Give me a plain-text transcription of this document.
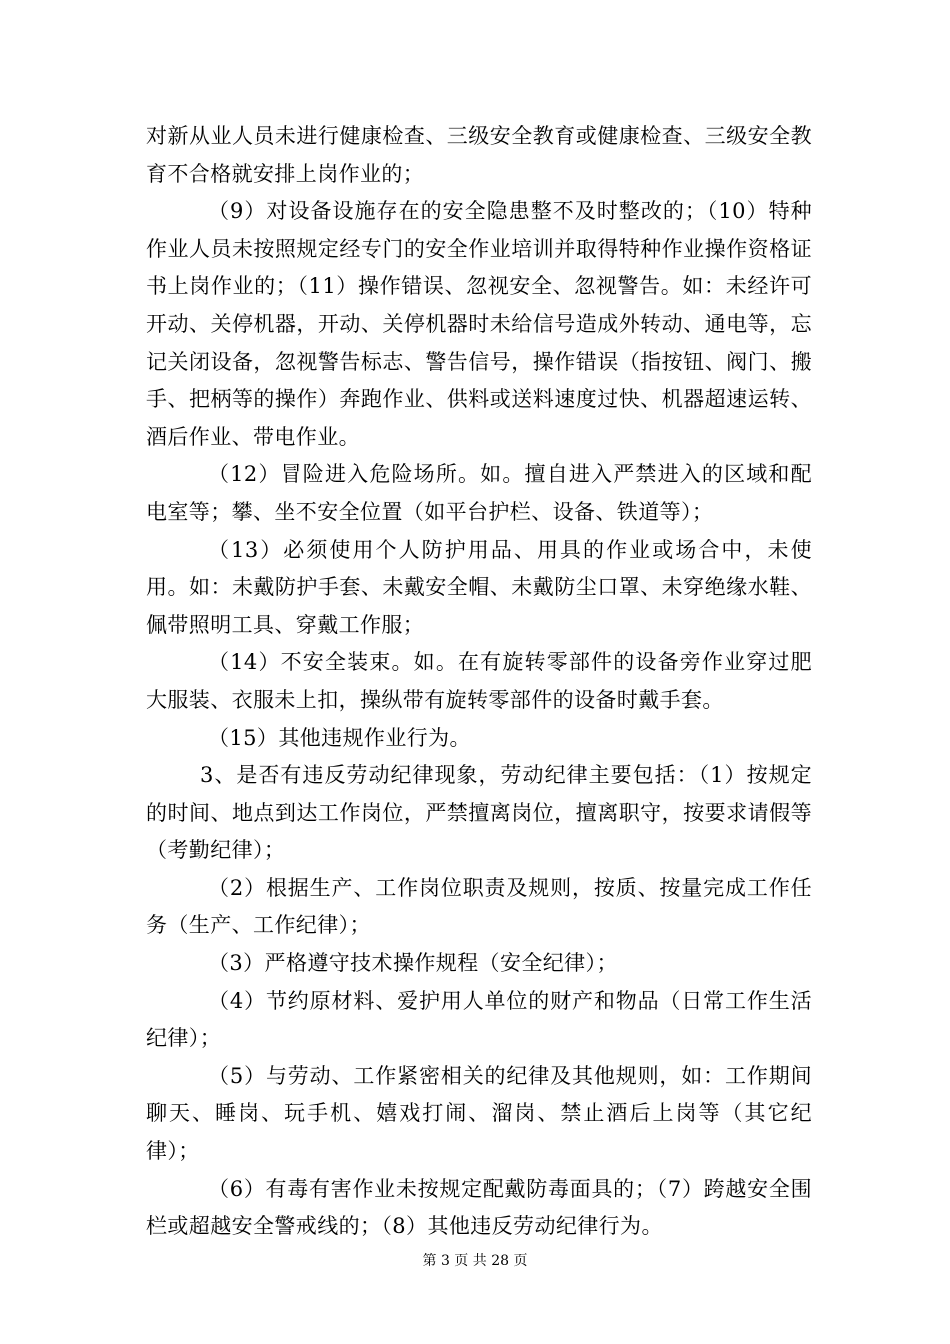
对新从业人员未进行健康检查、三级安全教育或健康检查、三级安全教育不合格就安排上岗作业的；

（9）对设备设施存在的安全隐患整不及时整改的；（10）特种作业人员未按照规定经专门的安全作业培训并取得特种作业操作资格证书上岗作业的；（11）操作错误、忽视安全、忽视警告。如：未经许可开动、关停机器，开动、关停机器时未给信号造成外转动、通电等，忘记关闭设备，忽视警告标志、警告信号，操作错误（指按钮、阀门、搬手、把柄等的操作）奔跑作业、供料或送料速度过快、机器超速运转、酒后作业、带电作业。

（12）冒险进入危险场所。如。擅自进入严禁进入的区域和配电室等；攀、坐不安全位置（如平台护栏、设备、铁道等）；

（13）必须使用个人防护用品、用具的作业或场合中，未使用。如：未戴防护手套、未戴安全帽、未戴防尘口罩、未穿绝缘水鞋、佩带照明工具、穿戴工作服；

（14）不安全装束。如。在有旋转零部件的设备旁作业穿过肥大服装、衣服未上扣，操纵带有旋转零部件的设备时戴手套。

（15）其他违规作业行为。

3、是否有违反劳动纪律现象，劳动纪律主要包括：（1）按规定的时间、地点到达工作岗位，严禁擅离岗位，擅离职守，按要求请假等（考勤纪律）；

（2）根据生产、工作岗位职责及规则，按质、按量完成工作任务（生产、工作纪律）；

（3）严格遵守技术操作规程（安全纪律）；

（4）节约原材料、爱护用人单位的财产和物品（日常工作生活纪律）；

（5）与劳动、工作紧密相关的纪律及其他规则，如：工作期间聊天、睡岗、玩手机、嬉戏打闹、溜岗、禁止酒后上岗等（其它纪律）；

（6）有毒有害作业未按规定配戴防毒面具的；（7）跨越安全围栏或超越安全警戒线的；（8）其他违反劳动纪律行为。

第 3 页 共 28 页
